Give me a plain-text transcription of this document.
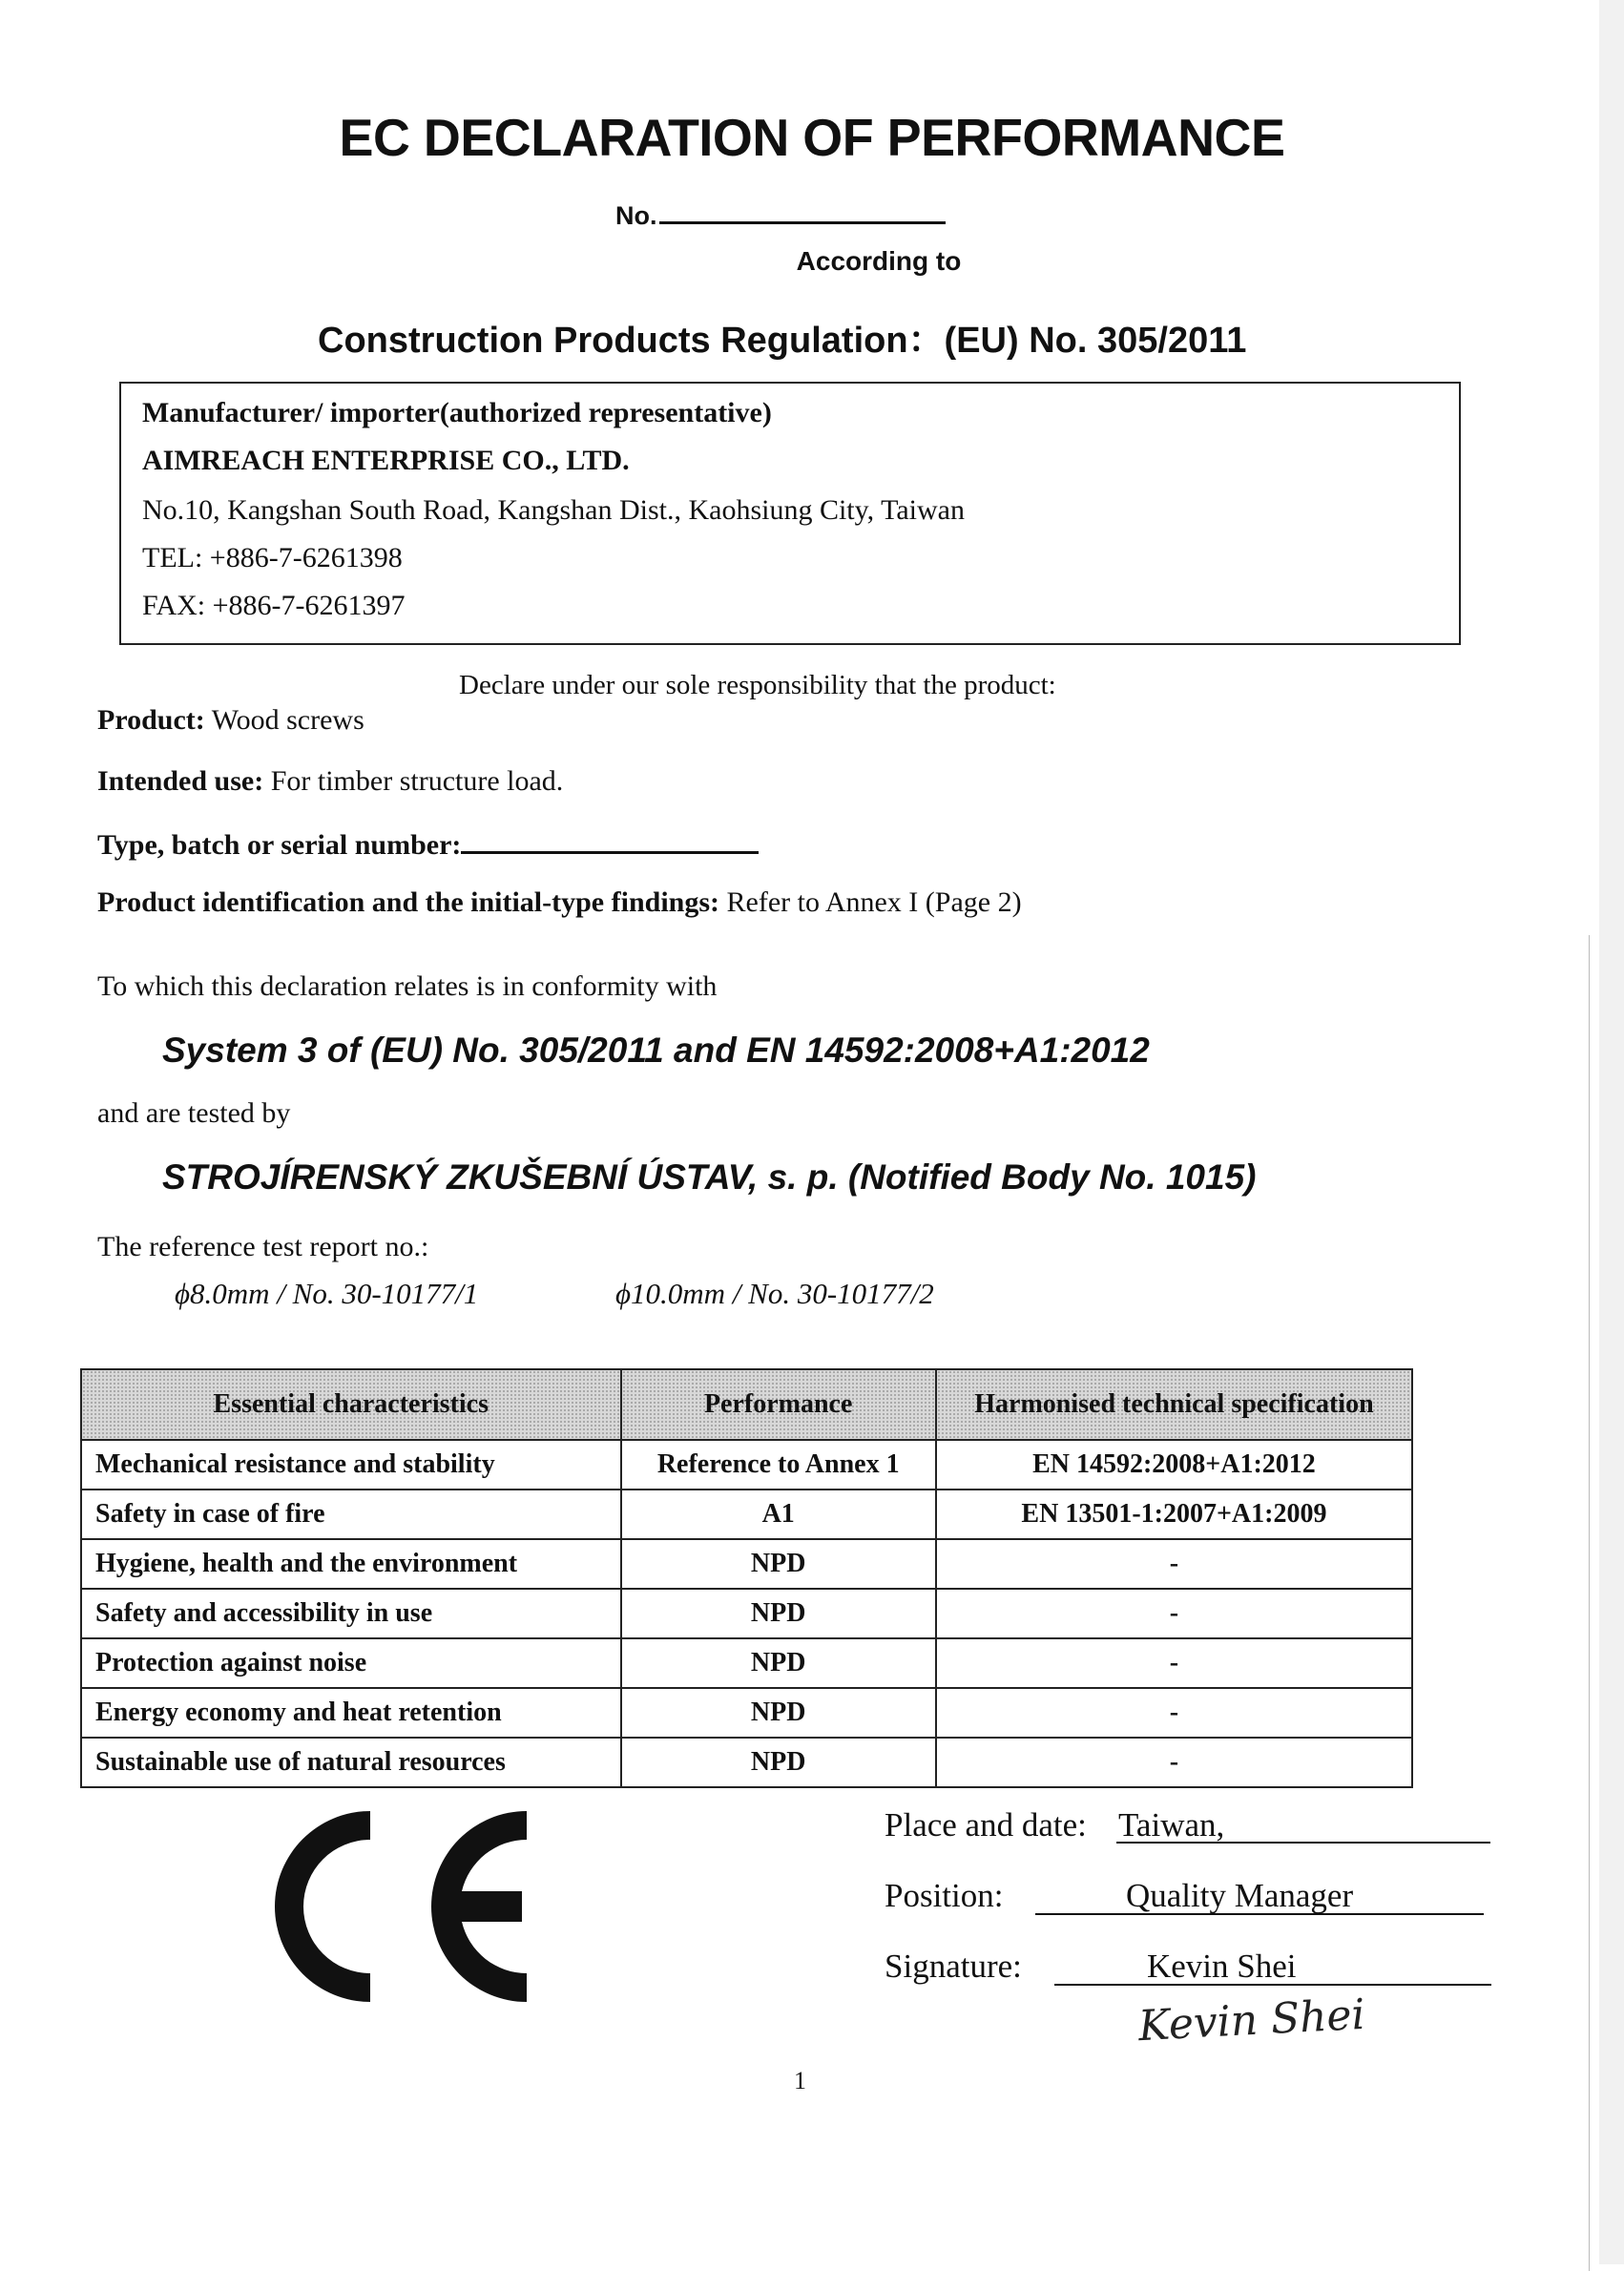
EC DECLARATION OF PERFORMANCE
No.
According to
Construction Products Regulation：(EU) No. 305/2011
Manufacturer/ importer(authorized representative)
AIMREACH ENTERPRISE CO., LTD.
No.10, Kangshan South Road, Kangshan Dist., Kaohsiung City, Taiwan
TEL: +886-7-6261398
FAX: +886-7-6261397
Declare under our sole responsibility that the product:
Product: Wood screws
Intended use: For timber structure load.
Type, batch or serial number:
Product identification and the initial-type findings: Refer to Annex I (Page 2)
To which this declaration relates is in conformity with
System 3 of (EU) No. 305/2011 and EN 14592:2008+A1:2012
and are tested by
STROJÍRENSKÝ ZKUŠEBNÍ ÚSTAV, s. p. (Notified Body No. 1015)
The reference test report no.:
ϕ8.0mm / No. 30-10177/1	ϕ10.0mm / No. 30-10177/2
Essential characteristics	Performance	Harmonised technical specification
Mechanical resistance and stability	Reference to Annex 1	EN 14592:2008+A1:2012
Safety in case of fire	A1	EN 13501-1:2007+A1:2009
Hygiene, health and the environment	NPD	-
Safety and accessibility in use	NPD	-
Protection against noise	NPD	-
Energy economy and heat retention	NPD	-
Sustainable use of natural resources	NPD	-
Place and date: Taiwan,
Position:	Quality Manager
Signature:	Kevin Shei
Kevin Shei
1
